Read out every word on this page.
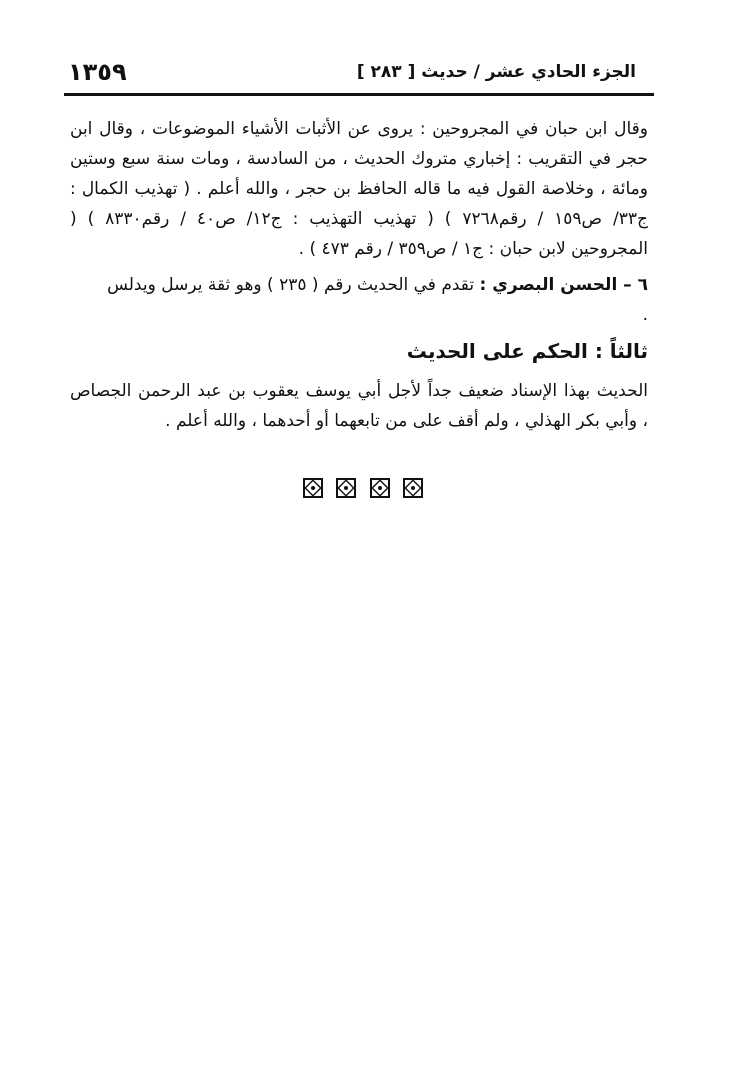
١٣٥٩	الجزء الحادي عشر / حديث [ ٢٨٣ ]
وقال ابن حبان في المجروحين : يروى عن الأثبات الأشياء الموضوعات ، وقال ابن
حجر في التقريب : إخباري متروك الحديث ، من السادسة ، ومات سنة سبع وستين
ومائة ، وخلاصة القول فيه ما قاله الحافظ بن حجر ، والله أعلم . ( تهذيب الكمال :
ج٣٣/ ص١٥٩ / رقم٧٢٦٨ ) ( تهذيب التهذيب : ج١٢/ ص٤٠ / رقم٨٣٣٠ ) (
المجروحين لابن حبان : ج١ / ص٣٥٩ / رقم ٤٧٣ ) .
٦ – الحسن البصري : تقدم في الحديث رقم ( ٢٣٥ ) وهو ثقة يرسل ويدلس
.
ثالثاً : الحكم على الحديث
الحديث بهذا الإسناد ضعيف جداً لأجل أبي يوسف يعقوب بن عبد الرحمن الجصاص
، وأبي بكر الهذلي ، ولم أقف على من تابعهما أو أحدهما ، والله أعلم .
